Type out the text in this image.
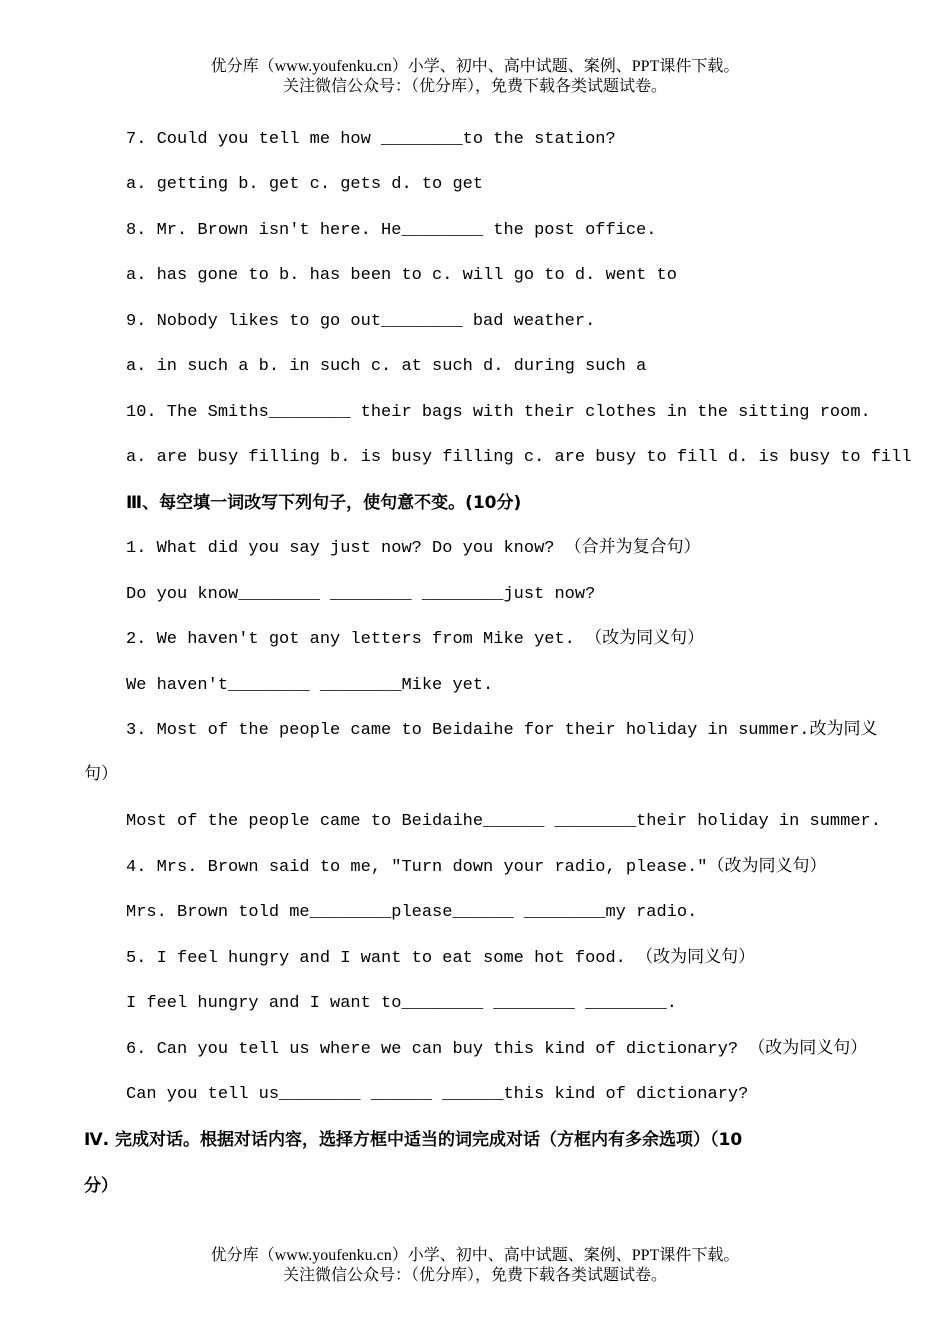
优分库（www.youfenku.cn）小学、初中、高中试题、案例、PPT课件下载。
关注微信公众号：（优分库），免费下载各类试题试卷。
7. Could you tell me how ________to the station?
a. getting b. get c. gets d. to get
8. Mr. Brown isn't here. He________ the post office.
a. has gone to b. has been to c. will go to d. went to
9. Nobody likes to go out________ bad weather.
a. in such a b. in such c. at such d. during such a
10. The Smiths________ their bags with their clothes in the sitting room.
a. are busy filling b. is busy filling c. are busy to fill d. is busy to fill
Ⅲ、每空填一词改写下列句子，使句意不变。(10分)
1. What did you say just now? Do you know? （合并为复合句）
Do you know________ ________ ________just now?
2. We haven't got any letters from Mike yet. （改为同义句）
We haven't________ ________Mike yet.
3. Most of the people came to Beidaihe for their holiday in summer.改为同义
句）
Most of the people came to Beidaihe______ ________their holiday in summer.
4. Mrs. Brown said to me, "Turn down your radio, please."（改为同义句）
Mrs. Brown told me________please______ ________my radio.
5. I feel hungry and I want to eat some hot food. （改为同义句）
I feel hungry and I want to________ ________ ________.
6. Can you tell us where we can buy this kind of dictionary? （改为同义句）
Can you tell us________ ______ ______this kind of dictionary?
Ⅳ. 完成对话。根据对话内容，选择方框中适当的词完成对话（方框内有多余选项）（10
分）
优分库（www.youfenku.cn）小学、初中、高中试题、案例、PPT课件下载。
关注微信公众号：（优分库），免费下载各类试题试卷。
